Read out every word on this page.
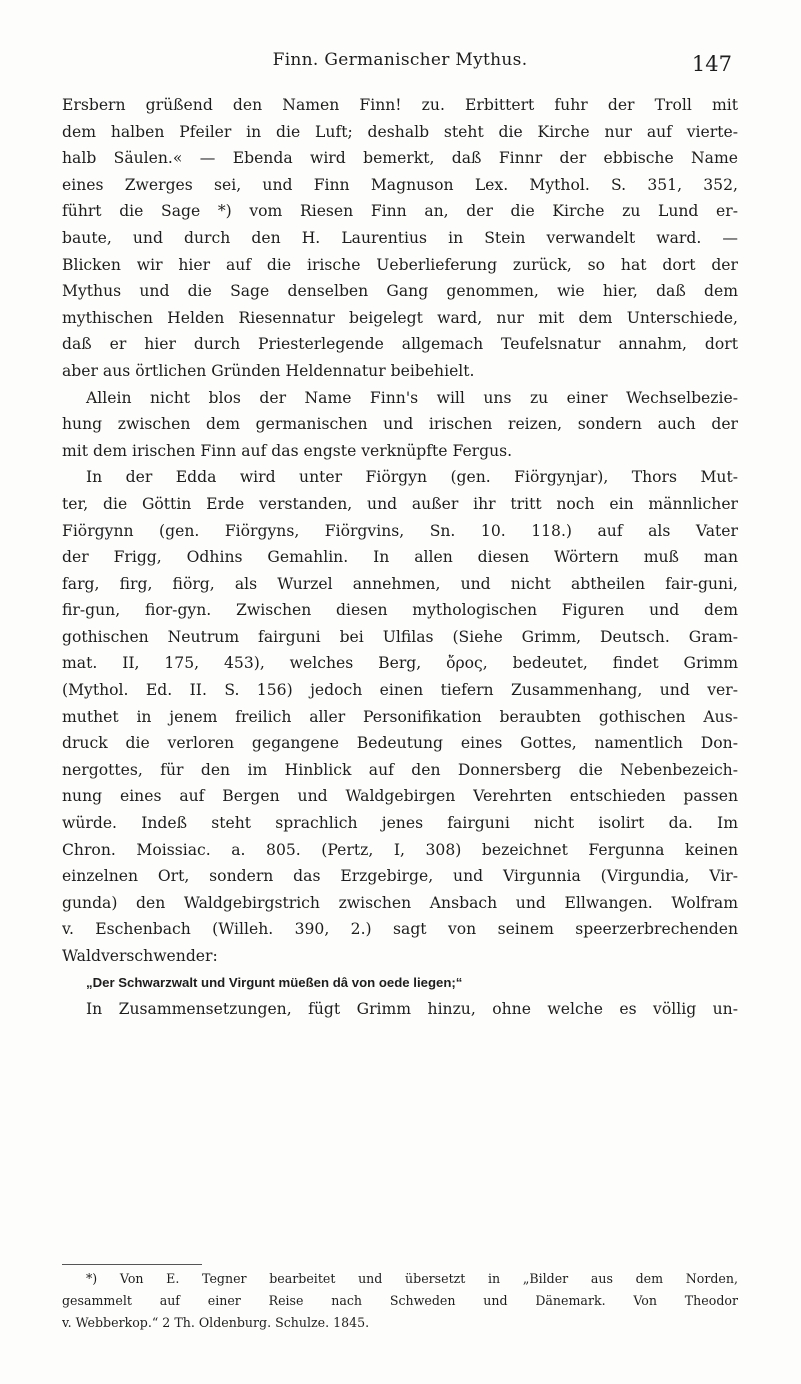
Finn. Germanischer Mythus.	147
Ersbern grüßend den Namen Finn! zu. Erbittert fuhr der Troll mit
dem halben Pfeiler in die Luft; deshalb steht die Kirche nur auf vierte-
halb Säulen.« — Ebenda wird bemerkt, daß Finnr der ebbische Name
eines Zwerges sei, und Finn Magnuson Lex. Mythol. S. 351, 352,
führt die Sage *) vom Riesen Finn an, der die Kirche zu Lund er-
baute, und durch den H. Laurentius in Stein verwandelt ward. —
Blicken wir hier auf die irische Ueberlieferung zurück, so hat dort der
Mythus und die Sage denselben Gang genommen, wie hier, daß dem
mythischen Helden Riesennatur beigelegt ward, nur mit dem Unterschiede,
daß er hier durch Priesterlegende allgemach Teufelsnatur annahm, dort
aber aus örtlichen Gründen Heldennatur beibehielt.
Allein nicht blos der Name Finn's will uns zu einer Wechselbezie-
hung zwischen dem germanischen und irischen reizen, sondern auch der
mit dem irischen Finn auf das engste verknüpfte Fergus.
In der Edda wird unter Fiörgyn (gen. Fiörgynjar), Thors Mut-
ter, die Göttin Erde verstanden, und außer ihr tritt noch ein männlicher
Fiörgynn (gen. Fiörgyns, Fiörgvins, Sn. 10. 118.) auf als Vater
der Frigg, Odhins Gemahlin. In allen diesen Wörtern muß man
farg, firg, fiörg, als Wurzel annehmen, und nicht abtheilen fair-guni,
fir-gun, fior-gyn. Zwischen diesen mythologischen Figuren und dem
gothischen Neutrum fairguni bei Ulfilas (Siehe Grimm, Deutsch. Gram-
mat. II, 175, 453), welches Berg, ὄρος, bedeutet, findet Grimm
(Mythol. Ed. II. S. 156) jedoch einen tiefern Zusammenhang, und ver-
muthet in jenem freilich aller Personifikation beraubten gothischen Aus-
druck die verloren gegangene Bedeutung eines Gottes, namentlich Don-
nergottes, für den im Hinblick auf den Donnersberg die Nebenbezeich-
nung eines auf Bergen und Waldgebirgen Verehrten entschieden passen
würde. Indeß steht sprachlich jenes fairguni nicht isolirt da. Im
Chron. Moissiac. a. 805. (Pertz, I, 308) bezeichnet Fergunna keinen
einzelnen Ort, sondern das Erzgebirge, und Virgunnia (Virgundia, Vir-
gunda) den Waldgebirgstrich zwischen Ansbach und Ellwangen. Wolfram
v. Eschenbach (Willeh. 390, 2.) sagt von seinem speerzerbrechenden
Waldverschwender:
„Der Schwarzwalt und Virgunt müeßen dâ von oede liegen;“
In Zusammensetzungen, fügt Grimm hinzu, ohne welche es völlig un-
*) Von E. Tegner bearbeitet und übersetzt in „Bilder aus dem Norden,
gesammelt auf einer Reise nach Schweden und Dänemark. Von Theodor
v. Webberkop.“ 2 Th. Oldenburg. Schulze. 1845.
